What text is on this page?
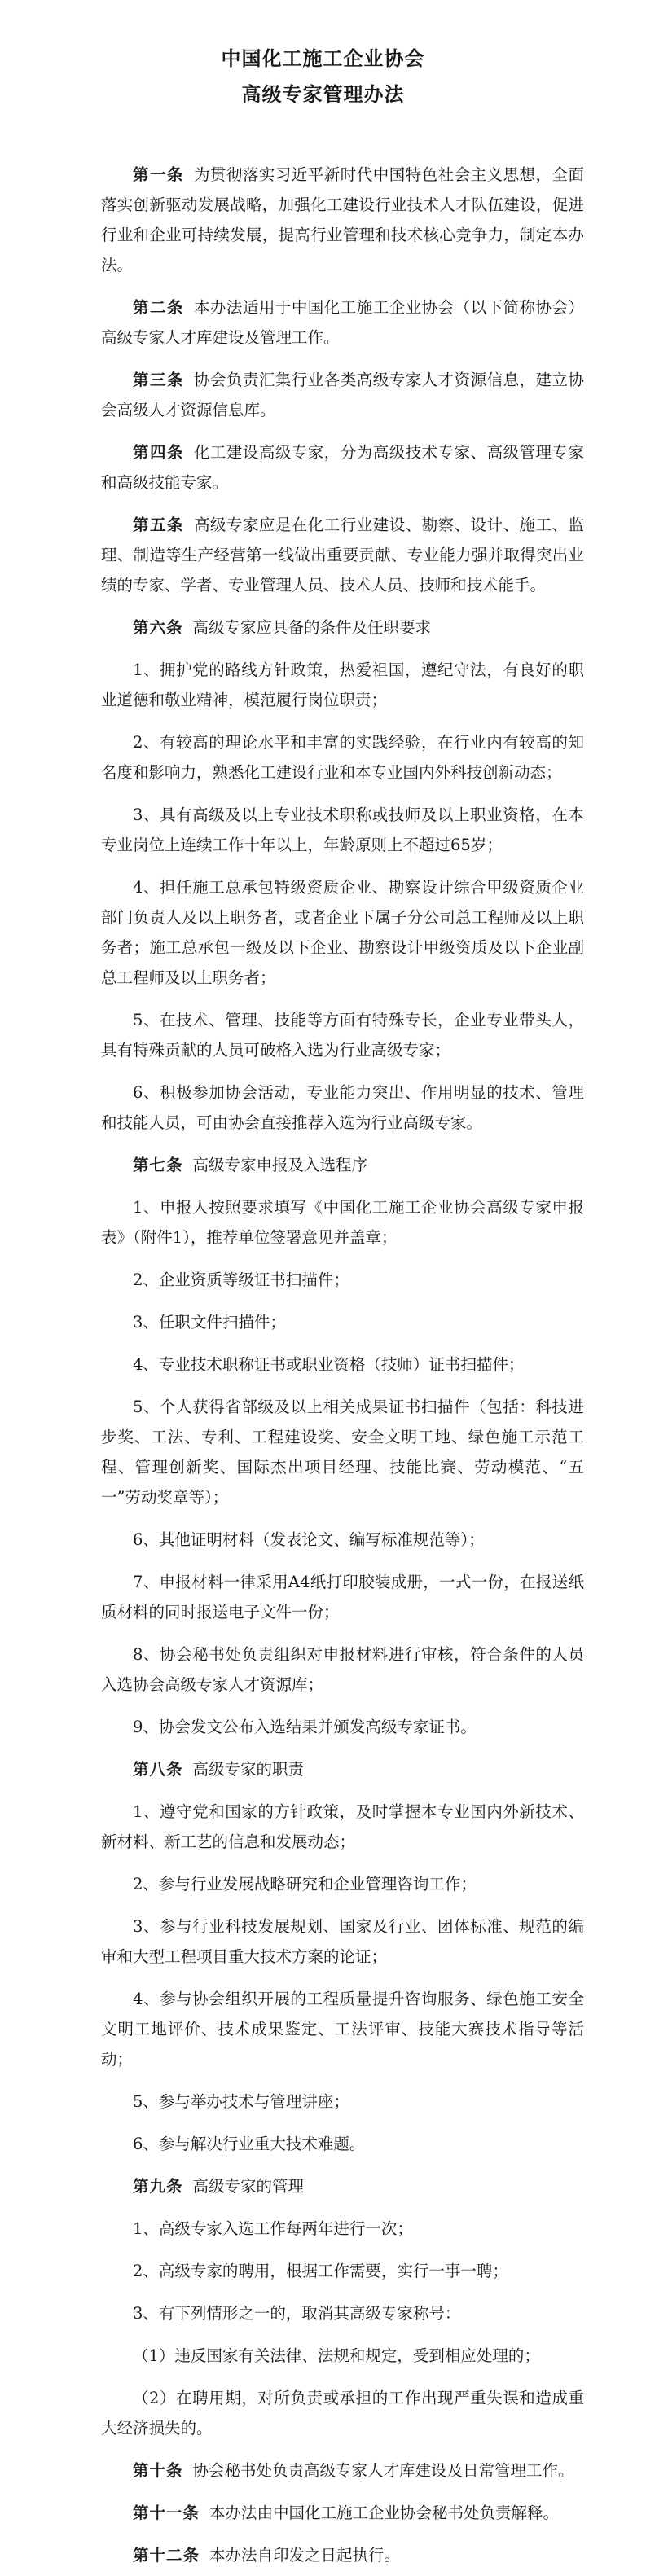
中国化工施工企业协会
高级专家管理办法

第一条 为贯彻落实习近平新时代中国特色社会主义思想，全面落实创新驱动发展战略，加强化工建设行业技术人才队伍建设，促进行业和企业可持续发展，提高行业管理和技术核心竞争力，制定本办法。

第二条 本办法适用于中国化工施工企业协会（以下简称协会）高级专家人才库建设及管理工作。

第三条 协会负责汇集行业各类高级专家人才资源信息，建立协会高级人才资源信息库。

第四条 化工建设高级专家，分为高级技术专家、高级管理专家和高级技能专家。

第五条 高级专家应是在化工行业建设、勘察、设计、施工、监理、制造等生产经营第一线做出重要贡献、专业能力强并取得突出业绩的专家、学者、专业管理人员、技术人员、技师和技术能手。

第六条 高级专家应具备的条件及任职要求

1、拥护党的路线方针政策，热爱祖国，遵纪守法，有良好的职业道德和敬业精神，模范履行岗位职责；

2、有较高的理论水平和丰富的实践经验，在行业内有较高的知名度和影响力，熟悉化工建设行业和本专业国内外科技创新动态；

3、具有高级及以上专业技术职称或技师及以上职业资格，在本专业岗位上连续工作十年以上，年龄原则上不超过65岁；

4、担任施工总承包特级资质企业、勘察设计综合甲级资质企业部门负责人及以上职务者，或者企业下属子分公司总工程师及以上职务者；施工总承包一级及以下企业、勘察设计甲级资质及以下企业副总工程师及以上职务者；

5、在技术、管理、技能等方面有特殊专长，企业专业带头人，具有特殊贡献的人员可破格入选为行业高级专家；

6、积极参加协会活动，专业能力突出、作用明显的技术、管理和技能人员，可由协会直接推荐入选为行业高级专家。

第七条 高级专家申报及入选程序

1、申报人按照要求填写《中国化工施工企业协会高级专家申报表》（附件1），推荐单位签署意见并盖章；

2、企业资质等级证书扫描件；

3、任职文件扫描件；

4、专业技术职称证书或职业资格（技师）证书扫描件；

5、个人获得省部级及以上相关成果证书扫描件（包括：科技进步奖、工法、专利、工程建设奖、安全文明工地、绿色施工示范工程、管理创新奖、国际杰出项目经理、技能比赛、劳动模范、“五一”劳动奖章等）；

6、其他证明材料（发表论文、编写标准规范等）；

7、申报材料一律采用A4纸打印胶装成册，一式一份，在报送纸质材料的同时报送电子文件一份；

8、协会秘书处负责组织对申报材料进行审核，符合条件的人员入选协会高级专家人才资源库；

9、协会发文公布入选结果并颁发高级专家证书。

第八条 高级专家的职责

1、遵守党和国家的方针政策，及时掌握本专业国内外新技术、新材料、新工艺的信息和发展动态；

2、参与行业发展战略研究和企业管理咨询工作；

3、参与行业科技发展规划、国家及行业、团体标准、规范的编审和大型工程项目重大技术方案的论证；

4、参与协会组织开展的工程质量提升咨询服务、绿色施工安全文明工地评价、技术成果鉴定、工法评审、技能大赛技术指导等活动；

5、参与举办技术与管理讲座；

6、参与解决行业重大技术难题。

第九条 高级专家的管理

1、高级专家入选工作每两年进行一次；

2、高级专家的聘用，根据工作需要，实行一事一聘；

3、有下列情形之一的，取消其高级专家称号：

（1）违反国家有关法律、法规和规定，受到相应处理的；

（2）在聘用期，对所负责或承担的工作出现严重失误和造成重大经济损失的。

第十条 协会秘书处负责高级专家人才库建设及日常管理工作。

第十一条 本办法由中国化工施工企业协会秘书处负责解释。

第十二条 本办法自印发之日起执行。
